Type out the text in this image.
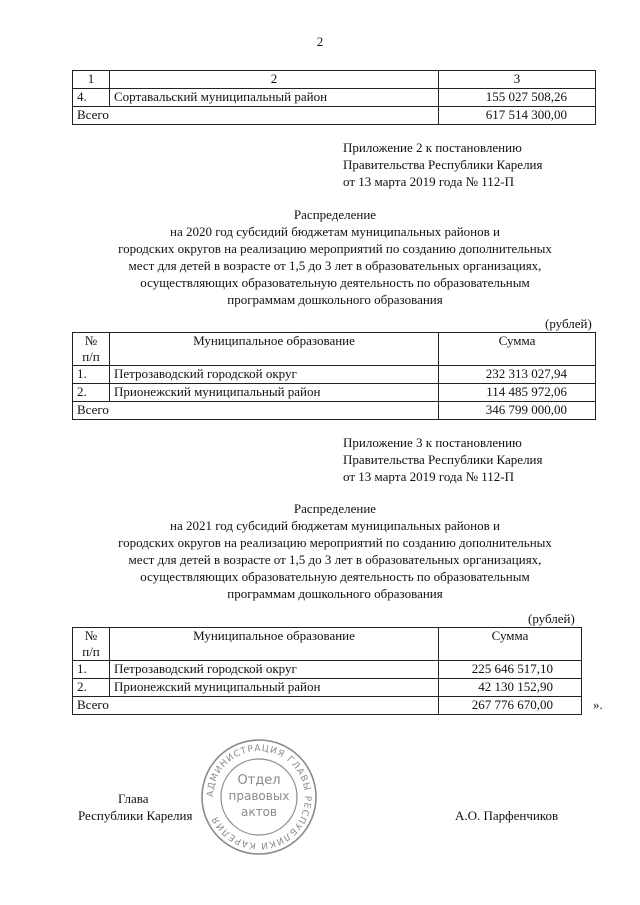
2
1	2	3
4.	Сортавальский муниципальный район	155 027 508,26
Всего		617 514 300,00
Приложение 2 к постановлению
Правительства Республики Карелия
от 13 марта 2019 года № 112-П
Распределение
на 2020 год субсидий бюджетам муниципальных районов и
городских округов на реализацию мероприятий по созданию дополнительных
мест для детей в возрасте от 1,5 до 3 лет в образовательных организациях,
осуществляющих образовательную деятельность по образовательным
программам дошкольного образования
(рублей)
№
п/п	Муниципальное образование	Сумма
1.	Петрозаводский городской округ	232 313 027,94
2.	Прионежский муниципальный район	114 485 972,06
Всего		346 799 000,00
Приложение 3 к постановлению
Правительства Республики Карелия
от 13 марта 2019 года № 112-П
Распределение
на 2021 год субсидий бюджетам муниципальных районов и
городских округов на реализацию мероприятий по созданию дополнительных
мест для детей в возрасте от 1,5 до 3 лет в образовательных организациях,
осуществляющих образовательную деятельность по образовательным
программам дошкольного образования
(рублей)
№
п/п	Муниципальное образование	Сумма
1.	Петрозаводский городской округ	225 646 517,10
2.	Прионежский муниципальный район	42 130 152,90
Всего		267 776 670,00	».
АДМИНИСТРАЦИЯ ГЛАВЫ РЕСПУБЛИКИ КАРЕЛИЯ
Отдел
правовых
актов
Глава
Республики Карелия	А.О. Парфенчиков
